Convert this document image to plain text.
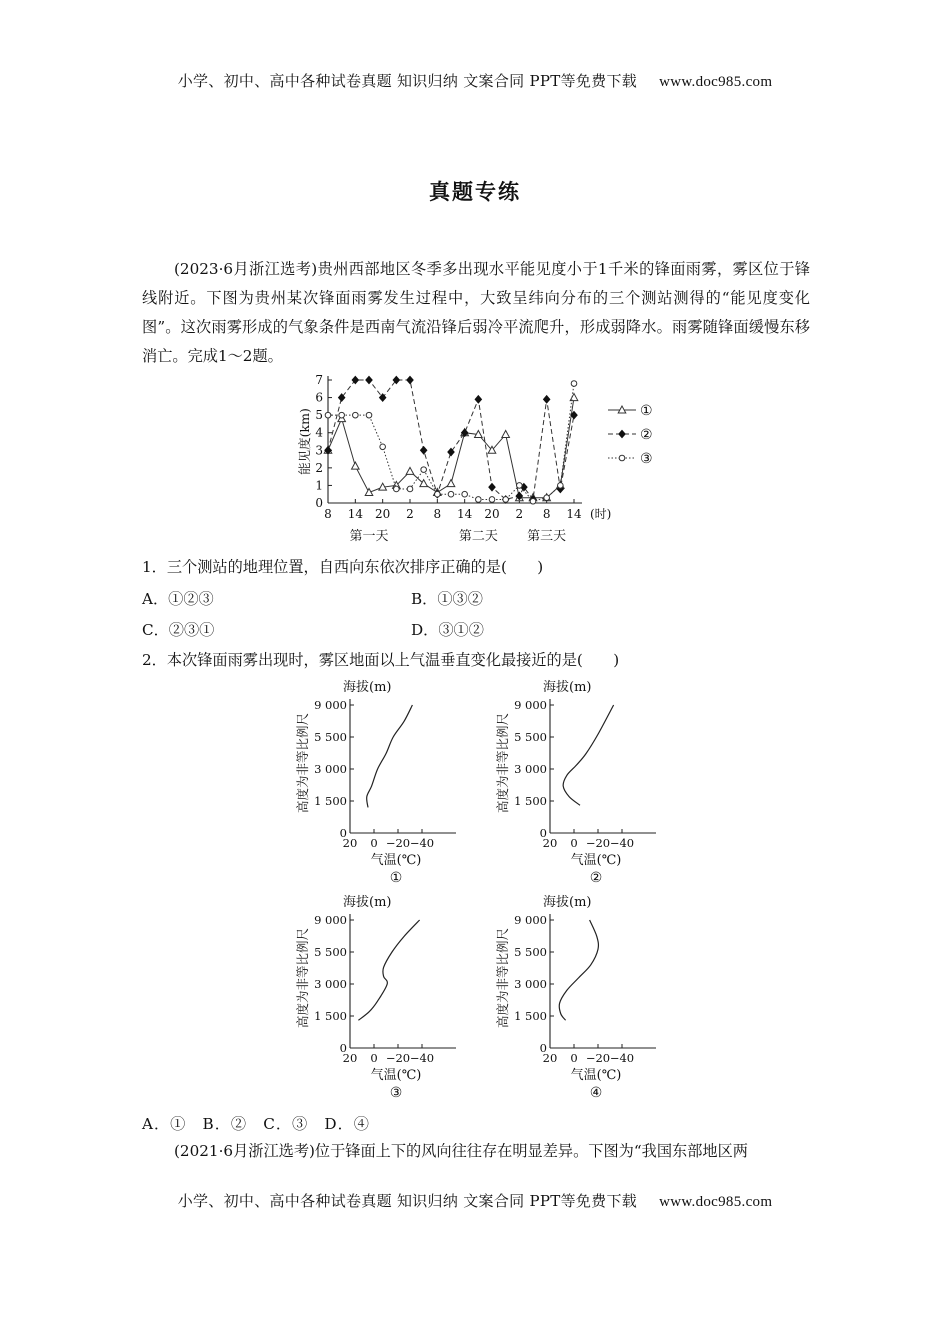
小学、初中、高中各种试卷真题 知识归纳 文案合同 PPT等免费下载 www.doc985.com
真题专练
(2023·6月浙江选考)贵州西部地区冬季多出现水平能见度小于1千米的锋面雨雾，雾区位于锋线附近。下图为贵州某次锋面雨雾发生过程中，大致呈纬向分布的三个测站测得的“能见度变化图”。这次雨雾形成的气象条件是西南气流沿锋后弱冷平流爬升，形成弱降水。雨雾随锋面缓慢东移消亡。完成1～2题。
0
1
2
3
4
5
6
7
8 14 20 2 8 14 20 2 8 14 (时)
第一天	第二天 第三天
能见度(km)	①
②
③
1．三个测站的地理位置，自西向东依次排序正确的是(　　)
A．①②③	B．①③②
C．②③①	D．③①②
2．本次锋面雨雾出现时，雾区地面以上气温垂直变化最接近的是(　　)
海拔(m)
9 000
5 500
3 000
1 500
0
20 0 −20 −40
高度为非等比例尺
气温(℃)
①
海拔(m)
9 000
5 500
3 000
1 500
0
20 0 −20 −40
高度为非等比例尺
气温(℃)
②
海拔(m)
9 000
5 500
3 000
1 500
0
20 0 −20 −40
高度为非等比例尺
气温(℃)
③
海拔(m)
9 000
5 500
3 000
1 500
0
20 0 −20 −40
高度为非等比例尺
气温(℃)
④
A．①　B．②　C．③　D．④
(2021·6月浙江选考)位于锋面上下的风向往往存在明显差异。下图为“我国东部地区两
小学、初中、高中各种试卷真题 知识归纳 文案合同 PPT等免费下载 www.doc985.com
